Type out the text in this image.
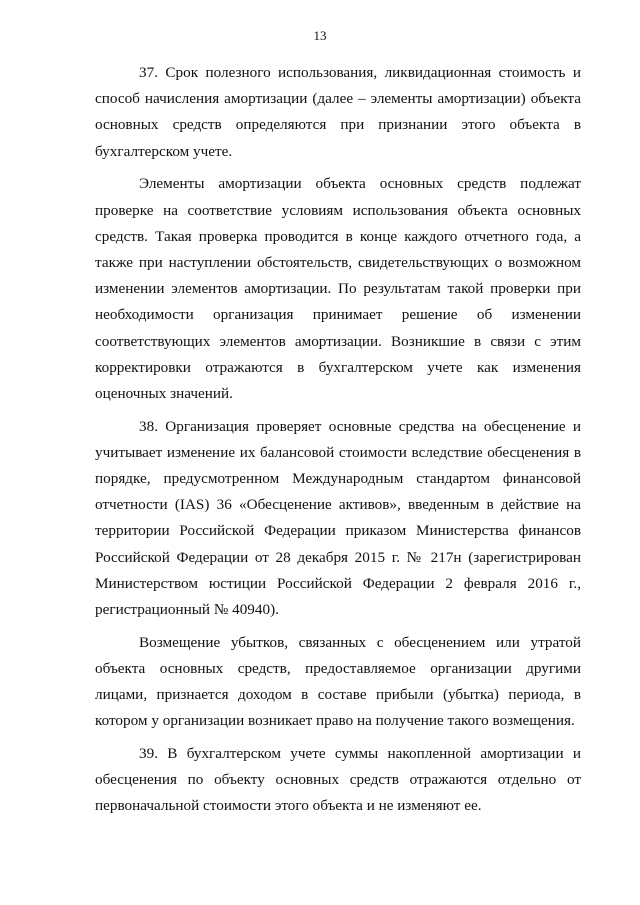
13

37. Срок полезного использования, ликвидационная стоимость и способ начисления амортизации (далее – элементы амортизации) объекта основных средств определяются при признании этого объекта в бухгалтерском учете.

Элементы амортизации объекта основных средств подлежат проверке на соответствие условиям использования объекта основных средств. Такая проверка проводится в конце каждого отчетного года, а также при наступлении обстоятельств, свидетельствующих о возможном изменении элементов амортизации. По результатам такой проверки при необходимости организация принимает решение об изменении соответствующих элементов амортизации. Возникшие в связи с этим корректировки отражаются в бухгалтерском учете как изменения оценочных значений.

38. Организация проверяет основные средства на обесценение и учитывает изменение их балансовой стоимости вследствие обесценения в порядке, предусмотренном Международным стандартом финансовой отчетности (IAS) 36 «Обесценение активов», введенным в действие на территории Российской Федерации приказом Министерства финансов Российской Федерации от 28 декабря 2015 г. № 217н (зарегистрирован Министерством юстиции Российской Федерации 2 февраля 2016 г., регистрационный № 40940).

Возмещение убытков, связанных с обесценением или утратой объекта основных средств, предоставляемое организации другими лицами, признается доходом в составе прибыли (убытка) периода, в котором у организации возникает право на получение такого возмещения.

39. В бухгалтерском учете суммы накопленной амортизации и обесценения по объекту основных средств отражаются отдельно от первоначальной стоимости этого объекта и не изменяют ее.
